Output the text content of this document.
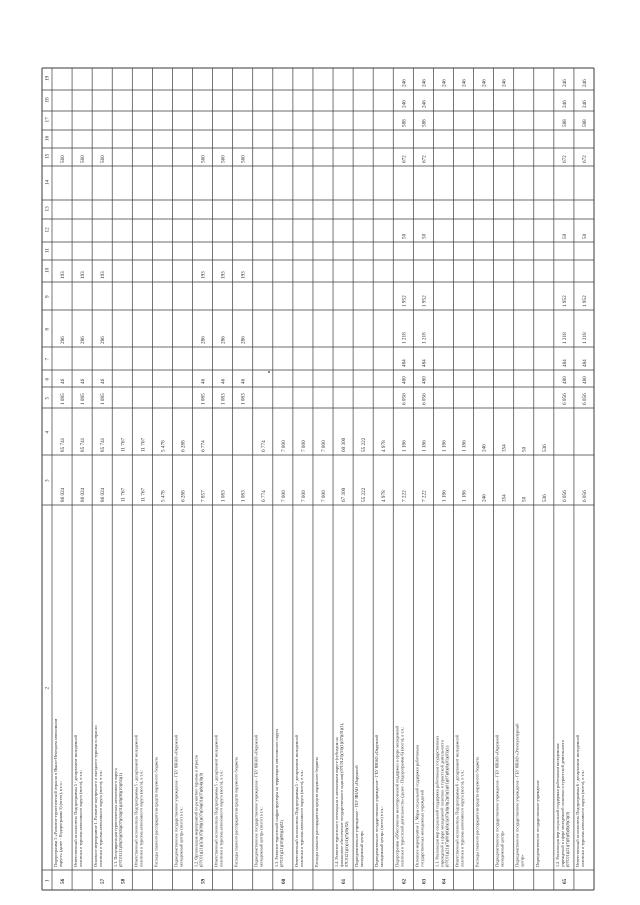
19
18
17
16
15
14
13
12
11
10
9
8
7
6
5
4
3
2
1 56
Подпрограмма 5 «Развитие туристической отрасли в Ямало-Ненецком автономном округе» (далее - Подпрограмма 5) (всего), в т.ч.:
86 024
85 741
1 085
46
286
193
560
Ответственный исполнитель Подпрограммы 5 - департамент молодежной политики и туризма автономного округа (всего), в т.ч.:
86 024
85 741
1 085
46
286
193
560
57
Основное мероприятие 1. Развитие внутреннего и въездного туризма в отрасли политики и туризма автономного округа (всего), в т.ч.:
86 024
85 741
1 085
46
286
193
560
58
1.1. Популяризация туристических автономного округа (07С01113)00(05)(004)(07)(04)(01)(40)(08)(10)(04)(1)
11 767
11 767
Ответственный исполнитель Подпрограммы 5 - департамент молодежной политики и туризма автономного округа (всего), в т.ч.:
11 767
11 767
Расходы главного распорядителя средств окружного бюджета
5 478
5 478
Подведомственное государственное учреждение - ГБУ ЯНАО «Окружной молодежный центр» (всего) в т.ч.:
6 288
6 288
59
1.2. Организация мероприятий по развитию туризма в отрасли (07С01)(21)(5(3)(07)(08)(1)(07)(04)(01)(07)(8(4)(9)(0)
7 857
6 774
1 085
46
286
193
560
Ответственный исполнитель Подпрограммы 5 - департамент молодежной политики и туризма автономного округа (всего), в т.ч.:
1 083
1 083
46
286
193
560
Расходы главного распорядителя средств окружного бюджета
1 083
1 083
46
286
193
560
Подведомственное государственное учреждение - ГБУ ЯНАО «Окружной молодежный центр» (всего) в т.ч.:
6 774
6 774
60
1.3. Развитие туристской инфраструктуры на территории автономного округа (07С01)(21)(50)(08)(4)(02)
7 000
7 000
Ответственный исполнитель Подпрограммы 5 - департамент молодежной политики и туризма автономного округа (всего), в т.ч.:
7 000
7 000
Расходы главного распорядителя средств окружного бюджета
7 000
7 000
61
1.4. Развитие туристского потенциала в автономном округе (субсидия на финансовое обеспечение государственного задания) (07С0121)(53)(1)(07)(01)(1), 07С0121)(5)(14)(7)(0)(02)
67 300
60 300
Подведомственное учреждение - ГБУ ЯНАО «Окружной молодежный центр»
55 222
55 222
Подведомственное государственное учреждение - ГБУ ЯНАО «Окружной молодежный центр» (всего) в т.ч.:
4 978
4 978
62
Подпрограмма «Обеспечение многоуровневой поддержки в сфере молодежной политики и туристской деятельности» (далее - Подпрограмма 6) (всего), в т.ч.:
7 222
1 186
6 056
480
484
1 218
1 952
50
672
588
246
246
63
Основное мероприятие 1. Меры социальной поддержки работникам государственных молодежных учреждений
7 222
1 186
6 056
480
484
1 218
1 952
50
672
588
246
246
64
1.1. Реализация мер социальной поддержки работникам государственных учреждений в сфере молодежной политики и туристской деятельности (07С01)(21)(7)(00)(8)(0)(1)(07)(8)(0)(2)(0)(3)(01)(07)(8)(0)(01)(03)(1)
1 186
1 186
246
Ответственный исполнитель Подпрограммы 6 - департамент молодежной политики и туризма автономного округа (всего), в т.ч.:
1 186
1 186
246
Расходы главного распорядителя средств окружного бюджета
246
246
246
Подведомственное государственное учреждение - ГБУ ЯНАО «Окружной молодежный центр»
354
354
246
Подведомственное государственное учреждение - ГБУ ЯНАО «Этнокультурный центр»
50
50
Подведомственное государственное учреждение
536
536
65
1.2. Реализация мер социальной поддержки работникам молодежных учреждений в сфере молодежной политики и туристской деятельности (07С01)(21)(7)(0)(0)(8)(0)(3)(0)
6 056
6 056
480
484
1 218
1 952
50
672
588
246
246
Ответственный исполнитель Подпрограммы 6 - департамент молодежной политики и туризма автономного округа (всего), в т.ч.:
6 056
6 056
480
484
1 218
1 952
50
672
588
246
246
